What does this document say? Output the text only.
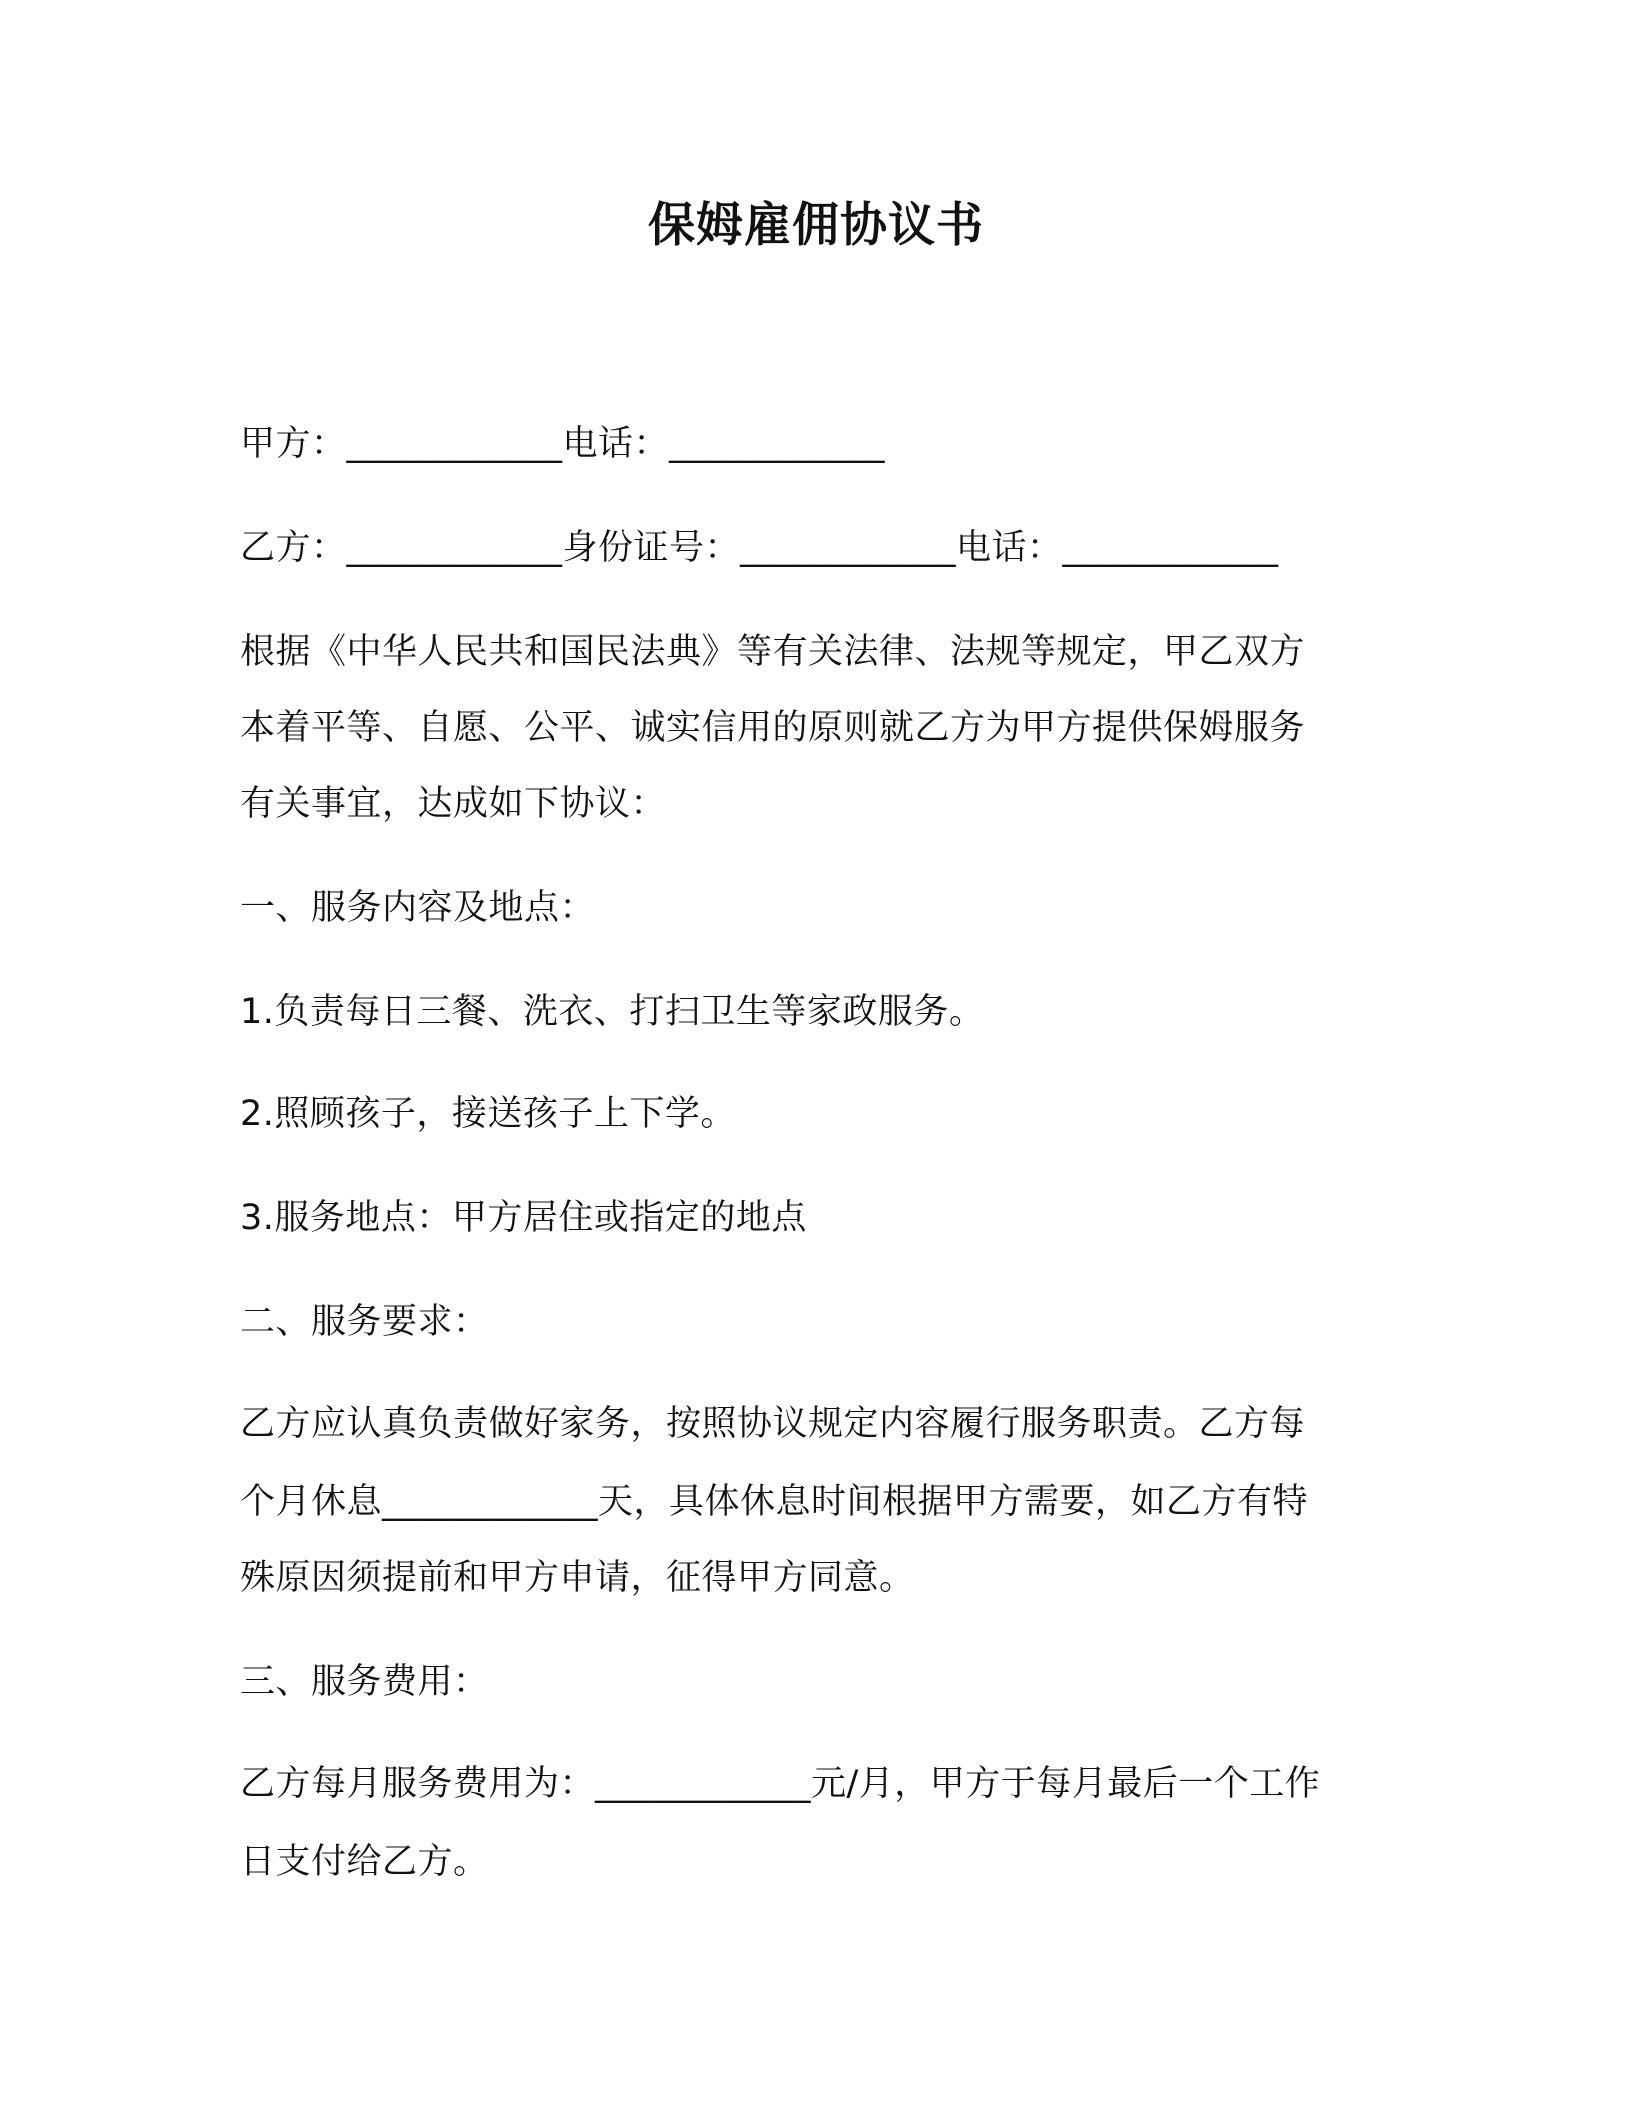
保姆雇佣协议书
甲方：____________电话：____________
乙方：____________身份证号：____________电话：____________
根据《中华人民共和国民法典》等有关法律、法规等规定，甲乙双方
本着平等、自愿、公平、诚实信用的原则就乙方为甲方提供保姆服务
有关事宜，达成如下协议：
一、服务内容及地点：
1.负责每日三餐、洗衣、打扫卫生等家政服务。
2.照顾孩子，接送孩子上下学。
3.服务地点：甲方居住或指定的地点
二、服务要求：
乙方应认真负责做好家务，按照协议规定内容履行服务职责。乙方每
个月休息____________天，具体休息时间根据甲方需要，如乙方有特
殊原因须提前和甲方申请，征得甲方同意。
三、服务费用：
乙方每月服务费用为：____________元/月，甲方于每月最后一个工作
日支付给乙方。
